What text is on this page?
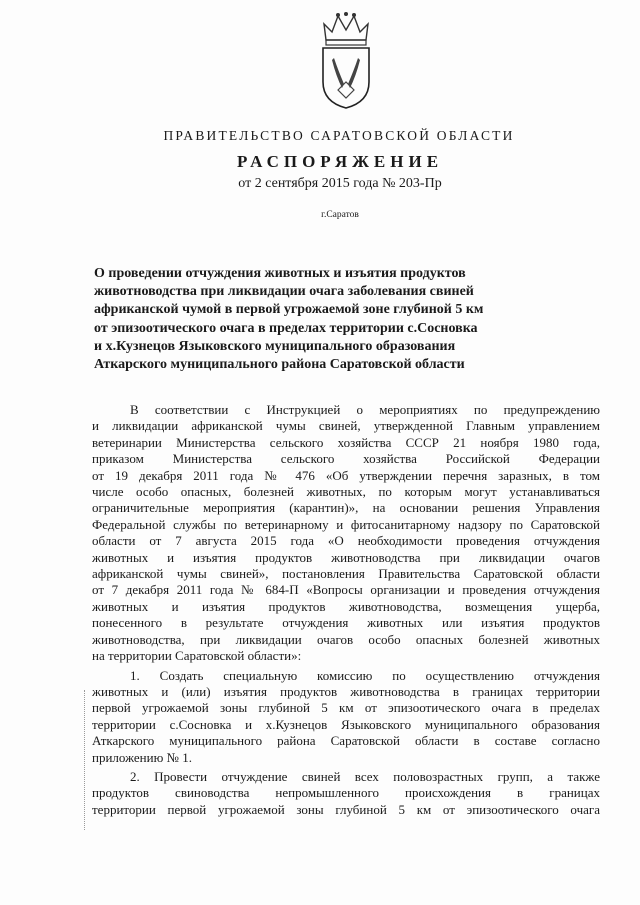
ПРАВИТЕЛЬСТВО САРАТОВСКОЙ ОБЛАСТИ
РАСПОРЯЖЕНИЕ
от 2 сентября 2015 года № 203-Пр
г.Саратов
О проведении отчуждения животных и изъятия продуктов
животноводства при ликвидации очага заболевания свиней
африканской чумой в первой угрожаемой зоне глубиной 5 км
от эпизоотического очага в пределах территории с.Сосновка
и х.Кузнецов Языковского муниципального образования
Аткарского муниципального района Саратовской области
В соответствии с Инструкцией о мероприятиях по предупреждению
и ликвидации африканской чумы свиней, утвержденной Главным управлением
ветеринарии Министерства сельского хозяйства СССР 21 ноября 1980 года,
приказом Министерства сельского хозяйства Российской Федерации
от 19 декабря 2011 года № 476 «Об утверждении перечня заразных, в том
числе особо опасных, болезней животных, по которым могут устанавливаться
ограничительные мероприятия (карантин)», на основании решения Управления
Федеральной службы по ветеринарному и фитосанитарному надзору по Саратовской
области от 7 августа 2015 года «О необходимости проведения отчуждения
животных и изъятия продуктов животноводства при ликвидации очагов
африканской чумы свиней», постановления Правительства Саратовской области
от 7 декабря 2011 года № 684-П «Вопросы организации и проведения отчуждения
животных и изъятия продуктов животноводства, возмещения ущерба,
понесенного в результате отчуждения животных или изъятия продуктов
животноводства, при ликвидации очагов особо опасных болезней животных
на территории Саратовской области»:
1. Создать специальную комиссию по осуществлению отчуждения
животных и (или) изъятия продуктов животноводства в границах территории
первой угрожаемой зоны глубиной 5 км от эпизоотического очага в пределах
территории с.Сосновка и х.Кузнецов Языковского муниципального образования
Аткарского муниципального района Саратовской области в составе согласно
приложению № 1.
2. Провести отчуждение свиней всех половозрастных групп, а также
продуктов свиноводства непромышленного происхождения в границах
территории первой угрожаемой зоны глубиной 5 км от эпизоотического очага
